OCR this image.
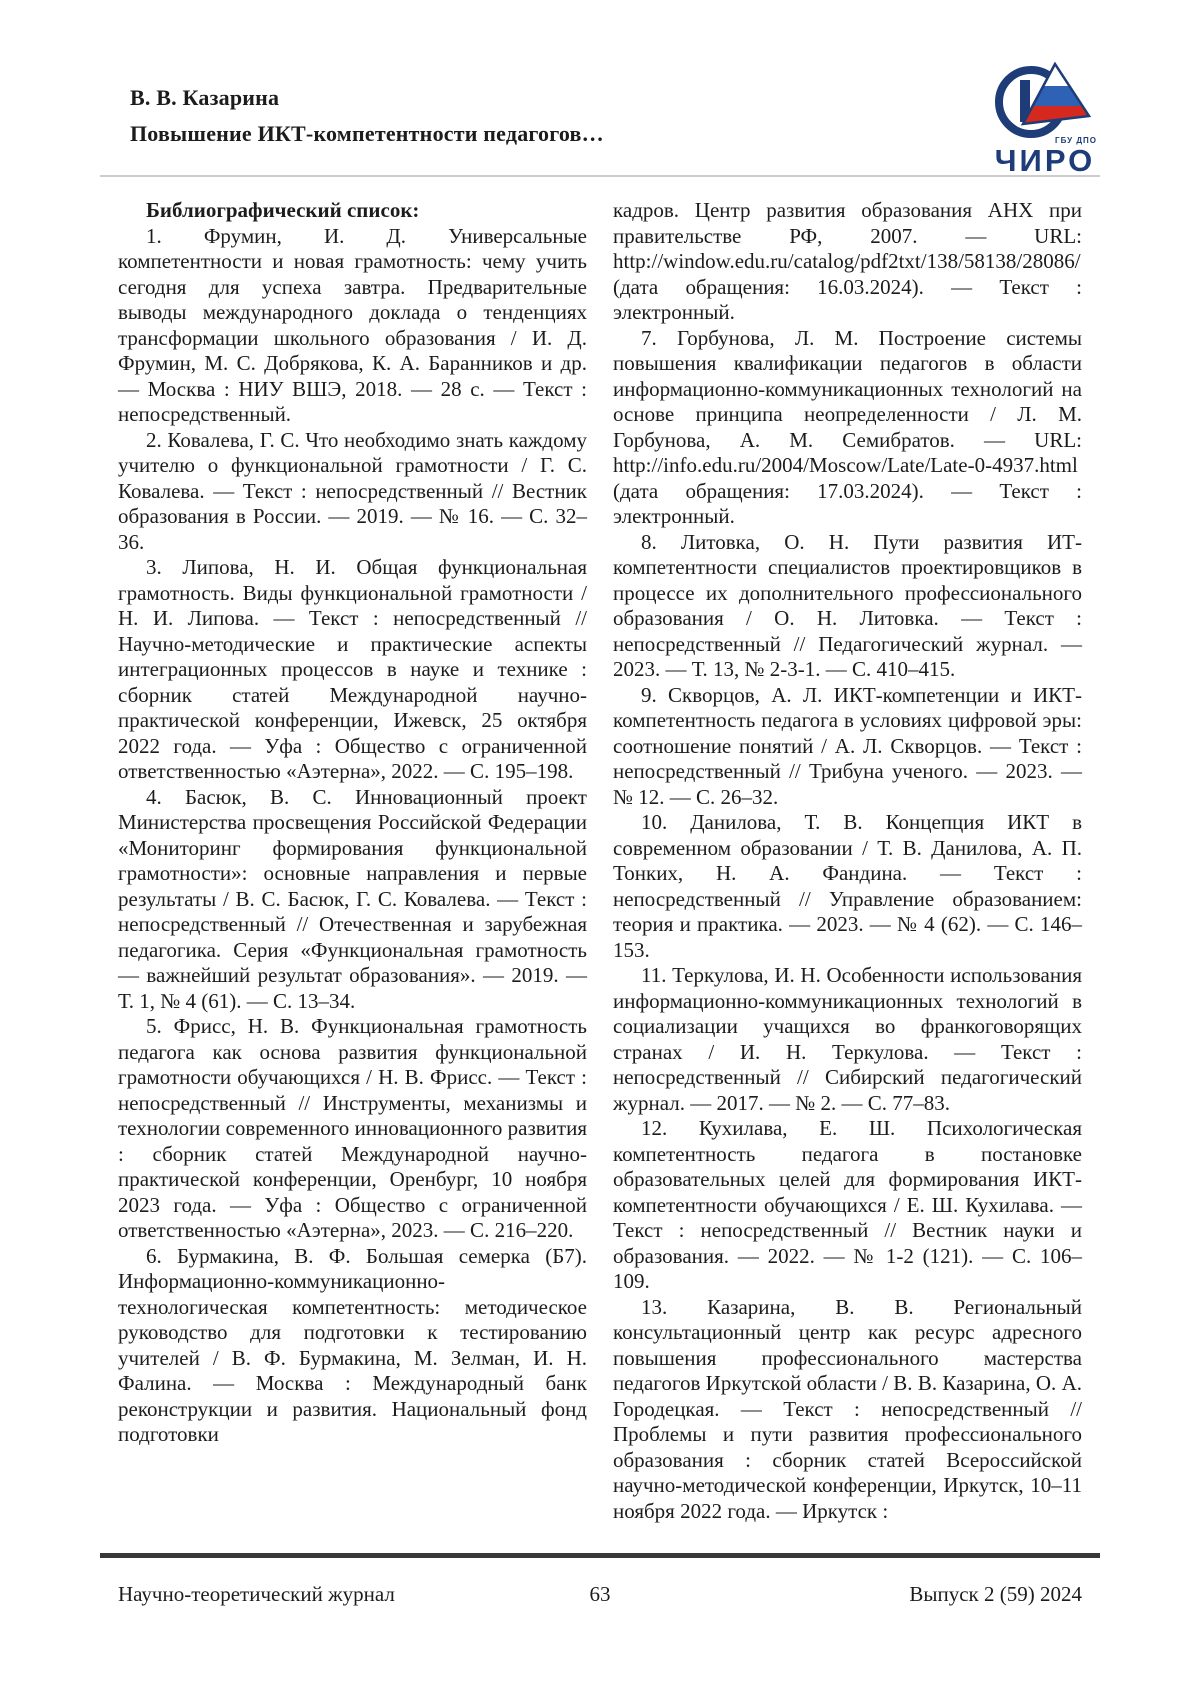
В. В. Казарина
Повышение ИКТ-компетентности педагогов…	ГБУ ДПО
ЧИРО
Библиографический список:

1. Фрумин, И. Д. Универсальные компетентности и новая грамотность: чему учить сегодня для успеха завтра. Предварительные выводы международного доклада о тенденциях трансформации школьного образования / И. Д. Фрумин, М. С. Добрякова, К. А. Баранников и др. — Москва : НИУ ВШЭ, 2018. — 28 с. — Текст : непосредственный.

2. Ковалева, Г. С. Что необходимо знать каждому учителю о функциональной грамотности / Г. С. Ковалева. — Текст : непосредственный // Вестник образования в России. — 2019. — № 16. — С. 32–36.

3. Липова, Н. И. Общая функциональная грамотность. Виды функциональной грамотности / Н. И. Липова. — Текст : непосредственный // Научно-методические и практические аспекты интеграционных процессов в науке и технике : сборник статей Международной научно-практической конференции, Ижевск, 25 октября 2022 года. — Уфа : Общество с ограниченной ответственностью «Аэтерна», 2022. — С. 195–198.

4. Басюк, В. С. Инновационный проект Министерства просвещения Российской Федерации «Мониторинг формирования функциональной грамотности»: основные направления и первые результаты / В. С. Басюк, Г. С. Ковалева. — Текст : непосредственный // Отечественная и зарубежная педагогика. Серия «Функциональная грамотность — важнейший результат образования». — 2019. — Т. 1, № 4 (61). — С. 13–34.

5. Фрисс, Н. В. Функциональная грамотность педагога как основа развития функциональной грамотности обучающихся / Н. В. Фрисс. — Текст : непосредственный // Инструменты, механизмы и технологии современного инновационного развития : сборник статей Международной научно-практической конференции, Оренбург, 10 ноября 2023 года. — Уфа : Общество с ограниченной ответственностью «Аэтерна», 2023. — С. 216–220.

6. Бурмакина, В. Ф. Большая семерка (Б7). Информационно-коммуникационно-технологическая компетентность: методическое руководство для подготовки к тестированию учителей / В. Ф. Бурмакина, М. Зелман, И. Н. Фалина. — Москва : Международный банк реконструкции и развития. Национальный фонд подготовки

кадров. Центр развития образования АНХ при правительстве РФ, 2007. — URL: http://window.edu.ru/catalog/pdf2txt/138/58138/28086/ (дата обращения: 16.03.2024). — Текст : электронный.

7. Горбунова, Л. М. Построение системы повышения квалификации педагогов в области информационно-коммуникационных технологий на основе принципа неопределенности / Л. М. Горбунова, А. М. Семибратов. — URL: http://info.edu.ru/2004/Moscow/Late/Late-0-4937.html (дата обращения: 17.03.2024). — Текст : электронный.

8. Литовка, О. Н. Пути развития ИТ-компетентности специалистов проектировщиков в процессе их дополнительного профессионального образования / О. Н. Литовка. — Текст : непосредственный // Педагогический журнал. — 2023. — Т. 13, № 2-3-1. — С. 410–415.

9. Скворцов, А. Л. ИКТ-компетенции и ИКТ-компетентность педагога в условиях цифровой эры: соотношение понятий / А. Л. Скворцов. — Текст : непосредственный // Трибуна ученого. — 2023. — № 12. — С. 26–32.

10. Данилова, Т. В. Концепция ИКТ в современном образовании / Т. В. Данилова, А. П. Тонких, Н. А. Фандина. — Текст : непосредственный // Управление образованием: теория и практика. — 2023. — № 4 (62). — С. 146–153.

11. Теркулова, И. Н. Особенности использования информационно-коммуникационных технологий в социализации учащихся во франкоговорящих странах / И. Н. Теркулова. — Текст : непосредственный // Сибирский педагогический журнал. — 2017. — № 2. — С. 77–83.

12. Кухилава, Е. Ш. Психологическая компетентность педагога в постановке образовательных целей для формирования ИКТ-компетентности обучающихся / Е. Ш. Кухилава. — Текст : непосредственный // Вестник науки и образования. — 2022. — № 1-2 (121). — С. 106–109.

13. Казарина, В. В. Региональный консультационный центр как ресурс адресного повышения профессионального мастерства педагогов Иркутской области / В. В. Казарина, О. А. Городецкая. — Текст : непосредственный // Проблемы и пути развития профессионального образования : сборник статей Всероссийской научно-методической конференции, Иркутск, 10–11 ноября 2022 года. — Иркутск :

Научно-теоретический журнал	63	Выпуск 2 (59) 2024
